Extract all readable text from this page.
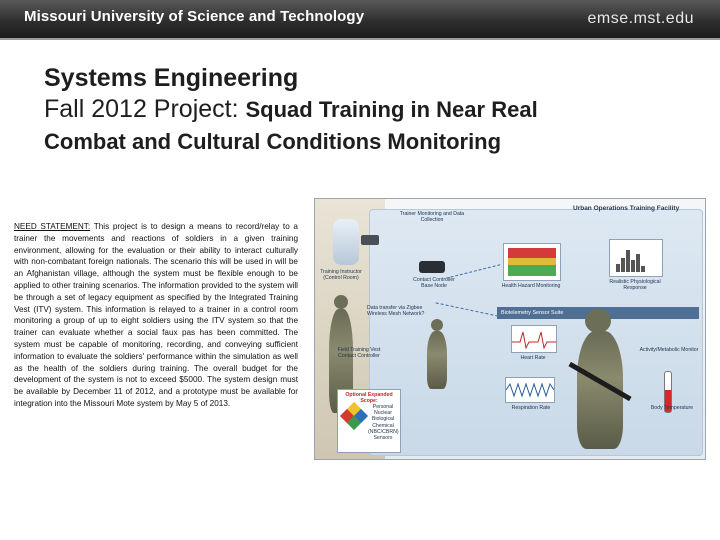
Missouri University of Science and Technology	emse.mst.edu
Systems Engineering
Fall 2012 Project: Squad Training in Near Real
Combat and Cultural Conditions Monitoring
NEED STATEMENT: This project is to design a means to record/relay to a trainer the movements and reactions of soldiers in a given training environment, allowing for the evaluation or their ability to interact culturally with non-combatant foreign nationals. The scenario this will be used in will be an Afghanistan village, although the system must be flexible enough to be applied to other training scenarios. The information provided to the system will be through a set of legacy equipment as specified by the Integrated Training Vest (ITV) system. This information is relayed to a trainer in a control room monitoring a group of up to eight soldiers using the ITV system so that the trainer can evaluate whether a social faux pas has been committed. The system must be capable of monitoring, recording, and conveying sufficient information to evaluate the soldiers' performance within the simulation as well as the health of the soldiers during training. The overall budget for the development of the system is not to exceed $5000. The system design must be available by December 11 of 2012, and a prototype must be available for integration into the Missouri Mote system by May 5 of 2013.
Urban Operations Training Facility
Trainer Monitoring and Data Collection
Training Instructor (Control Room)	Contact Controller Base Node
Data transfer via Zigbee Wireless Mesh Network?
Health Hazard Monitoring
Realistic Physiological Response
Biotelemetry Sensor Suite
Heart Rate
Respiration Rate
Field Training Vest Contact Controller
Activity/Metabolic Monitor
Body Temperature
Optional Expanded Scope:
Personal Nuclear Biological Chemical (NBC/CBRN) Sensors
